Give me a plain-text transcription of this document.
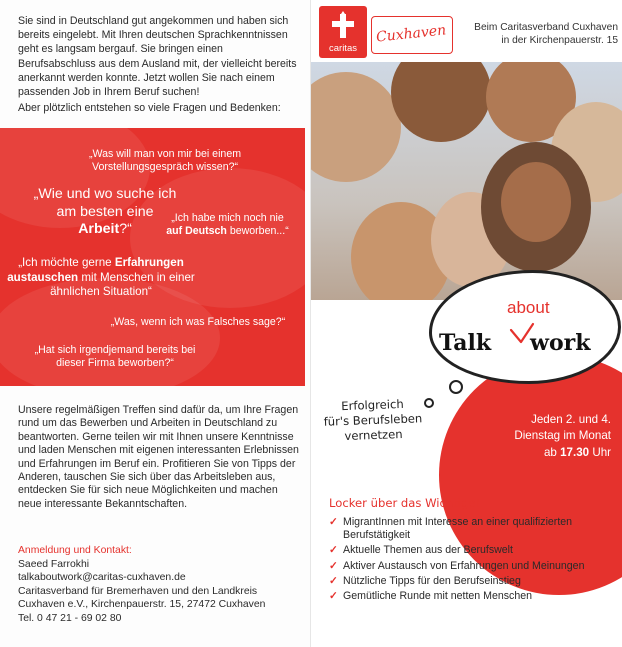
Sie sind in Deutschland gut angekommen und haben sich bereits eingelebt. Mit Ihren deutschen Sprachkenntnissen geht es langsam bergauf. Sie bringen einen Berufsabschluss aus dem Ausland mit, der vielleicht bereits anerkannt werden konnte. Jetzt wollen Sie nach einem passenden Job in Ihrem Beruf suchen!

Aber plötzlich entstehen so viele Fragen und Bedenken:

„Was will man von mir bei einem Vorstellungsgespräch wissen?“
„Wie und wo suche ich am besten eine Arbeit?“
„Ich habe mich noch nie auf Deutsch beworben...“
„Ich möchte gerne Erfahrungen austauschen mit Menschen in einer ähnlichen Situation“
„Was, wenn ich was Falsches sage?“
„Hat sich irgendjemand bereits bei dieser Firma beworben?“

Unsere regelmäßigen Treffen sind dafür da, um Ihre Fragen rund um das Bewerben und Arbeiten in Deutschland zu beantworten. Gerne teilen wir mit Ihnen unsere Kenntnisse und laden Menschen mit eigenen interessanten Erlebnissen und Erfahrungen im Beruf ein. Profitieren Sie von Tipps der Anderen, tauschen Sie sich über das Arbeitsleben aus, entdecken Sie für sich neue Möglichkeiten und machen neue interessante Bekanntschaften.

Anmeldung und Kontakt:
Saeed Farrokhi
talkaboutwork@caritas-cuxhaven.de
Caritasverband für Bremerhaven und den Landkreis
Cuxhaven e.V., Kirchenpauerstr. 15, 27472 Cuxhaven
Tel. 0 47 21 - 69 02 80
caritas
Cuxhaven	Beim Caritasverband Cuxhaven
in der Kirchenpauerstr. 15
about
Talk work
Erfolgreich
für's Berufsleben
vernetzen
Jeden 2. und 4.
Dienstag im Monat
ab 17.30 Uhr
Locker über das Wichtige!
✓ MigrantInnen mit Interesse an einer qualifizierten Berufstätigkeit
✓ Aktuelle Themen aus der Berufswelt
✓ Aktiver Austausch von Erfahrungen und Meinungen
✓ Nützliche Tipps für den Berufseinstieg
✓ Gemütliche Runde mit netten Menschen
